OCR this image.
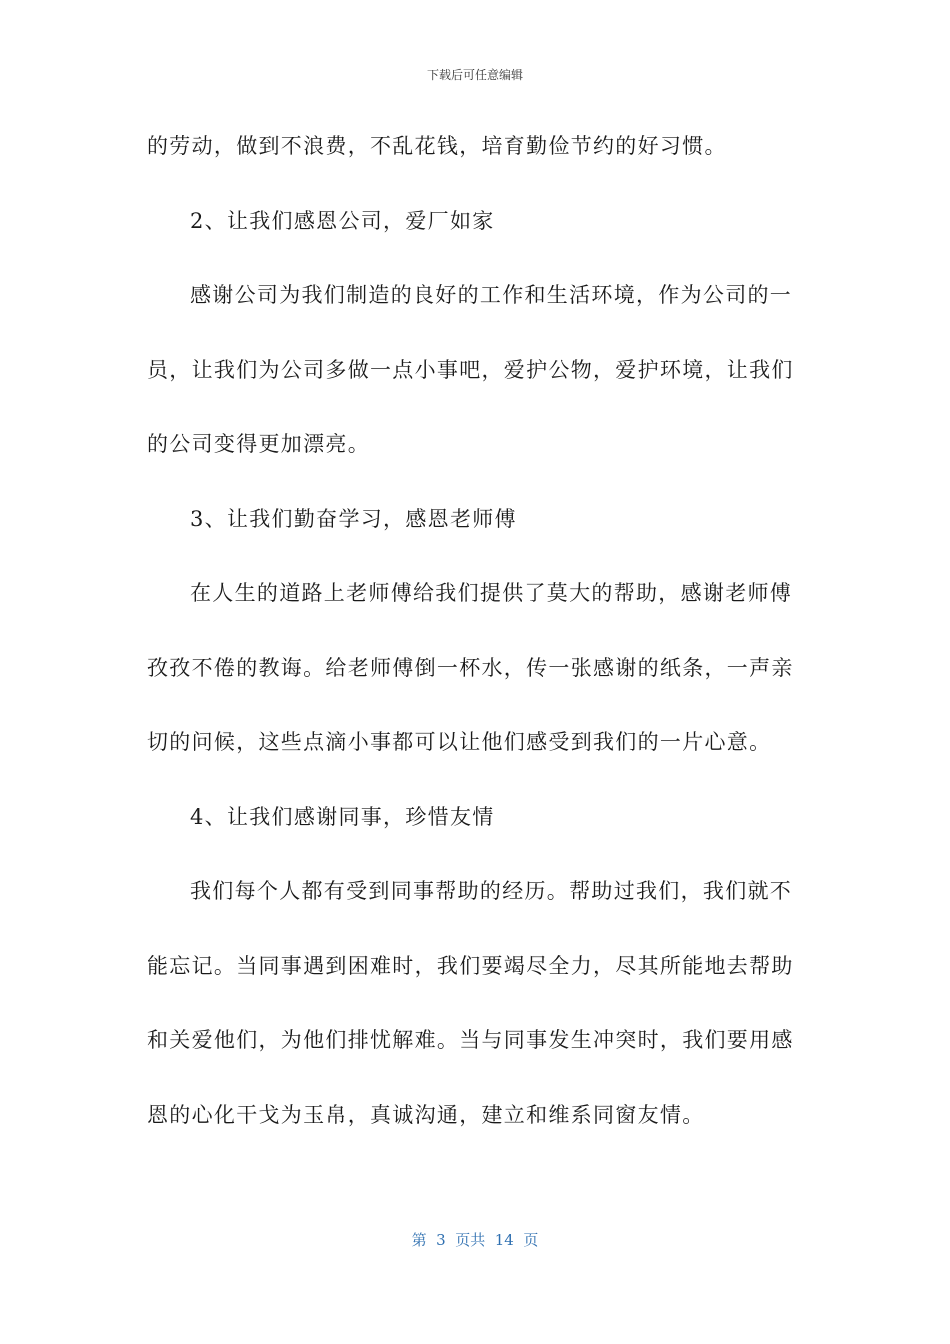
下载后可任意编辑
的劳动，做到不浪费，不乱花钱，培育勤俭节约的好习惯。
2、让我们感恩公司，爱厂如家
感谢公司为我们制造的良好的工作和生活环境，作为公司的一
员，让我们为公司多做一点小事吧，爱护公物，爱护环境，让我们
的公司变得更加漂亮。
3、让我们勤奋学习，感恩老师傅
在人生的道路上老师傅给我们提供了莫大的帮助，感谢老师傅
孜孜不倦的教诲。给老师傅倒一杯水，传一张感谢的纸条，一声亲
切的问候，这些点滴小事都可以让他们感受到我们的一片心意。
4、让我们感谢同事，珍惜友情
我们每个人都有受到同事帮助的经历。帮助过我们，我们就不
能忘记。当同事遇到困难时，我们要竭尽全力，尽其所能地去帮助
和关爱他们，为他们排忧解难。当与同事发生冲突时，我们要用感
恩的心化干戈为玉帛，真诚沟通，建立和维系同窗友情。
第  3  页共  14  页
